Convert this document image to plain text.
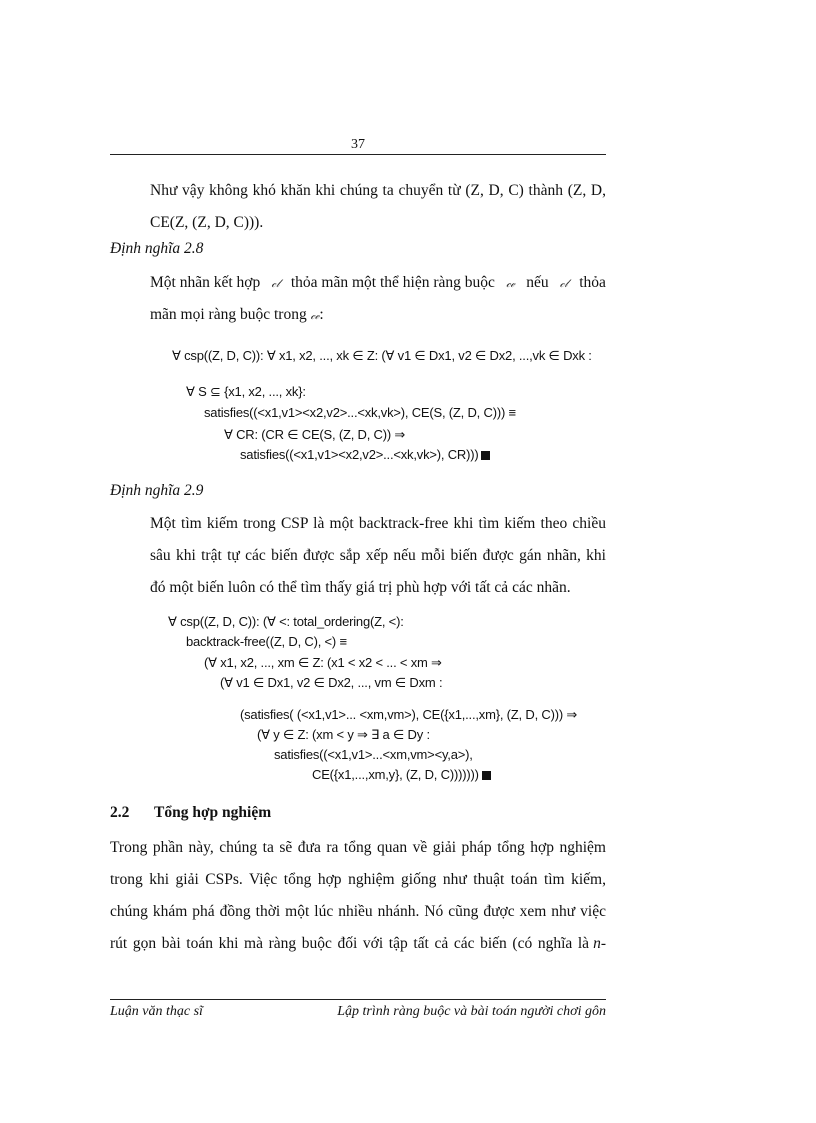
37
Như vậy không khó khăn khi chúng ta chuyển từ (Z, D, C) thành (Z, D,
CE(Z, (Z, D, C))).
Định nghĩa 2.8
Một nhãn kết hợp 𝒸𝓁 thỏa mãn một thể hiện ràng buộc 𝒸ℯ nếu 𝒸𝓁 thỏa
mãn mọi ràng buộc trong 𝒸ℯ:
∀ csp((Z, D, C)): ∀ x1, x2, ..., xk ∈ Z: (∀ v1 ∈ Dx1, v2 ∈ Dx2, ...,vk ∈ Dxk :
∀ S ⊆ {x1, x2, ..., xk}:
satisfies((<x1,v1><x2,v2>...<xk,vk>), CE(S, (Z, D, C))) ≡
∀ CR: (CR ∈ CE(S, (Z, D, C)) ⇒
satisfies((<x1,v1><x2,v2>...<xk,vk>), CR)))
Định nghĩa 2.9
Một tìm kiếm trong CSP là một backtrack-free khi tìm kiếm theo chiều
sâu khi trật tự các biến được sắp xếp nếu mỗi biến được gán nhãn, khi
đó một biến luôn có thể tìm thấy giá trị phù hợp với tất cả các nhãn.
∀ csp((Z, D, C)): (∀ <: total_ordering(Z, <):
backtrack-free((Z, D, C), <) ≡
(∀ x1, x2, ..., xm ∈ Z: (x1 < x2 < ... < xm ⇒
(∀ v1 ∈ Dx1, v2 ∈ Dx2, ..., vm ∈ Dxm :
(satisfies( (<x1,v1>... <xm,vm>), CE({x1,...,xm}, (Z, D, C))) ⇒
(∀ y ∈ Z: (xm < y ⇒ ∃ a ∈ Dy :
satisfies((<x1,v1>...<xm,vm><y,a>),
CE({x1,...,xm,y}, (Z, D, C)))))))
2.2 Tổng hợp nghiệm
Trong phần này, chúng ta sẽ đưa ra tổng quan về giải pháp tổng hợp nghiệm
trong khi giải CSPs. Việc tổng hợp nghiệm giống như thuật toán tìm kiếm,
chúng khám phá đồng thời một lúc nhiều nhánh. Nó cũng được xem như việc
rút gọn bài toán khi mà ràng buộc đối với tập tất cả các biến (có nghĩa là n-
Luận văn thạc sĩ	Lập trình ràng buộc và bài toán người chơi gôn
